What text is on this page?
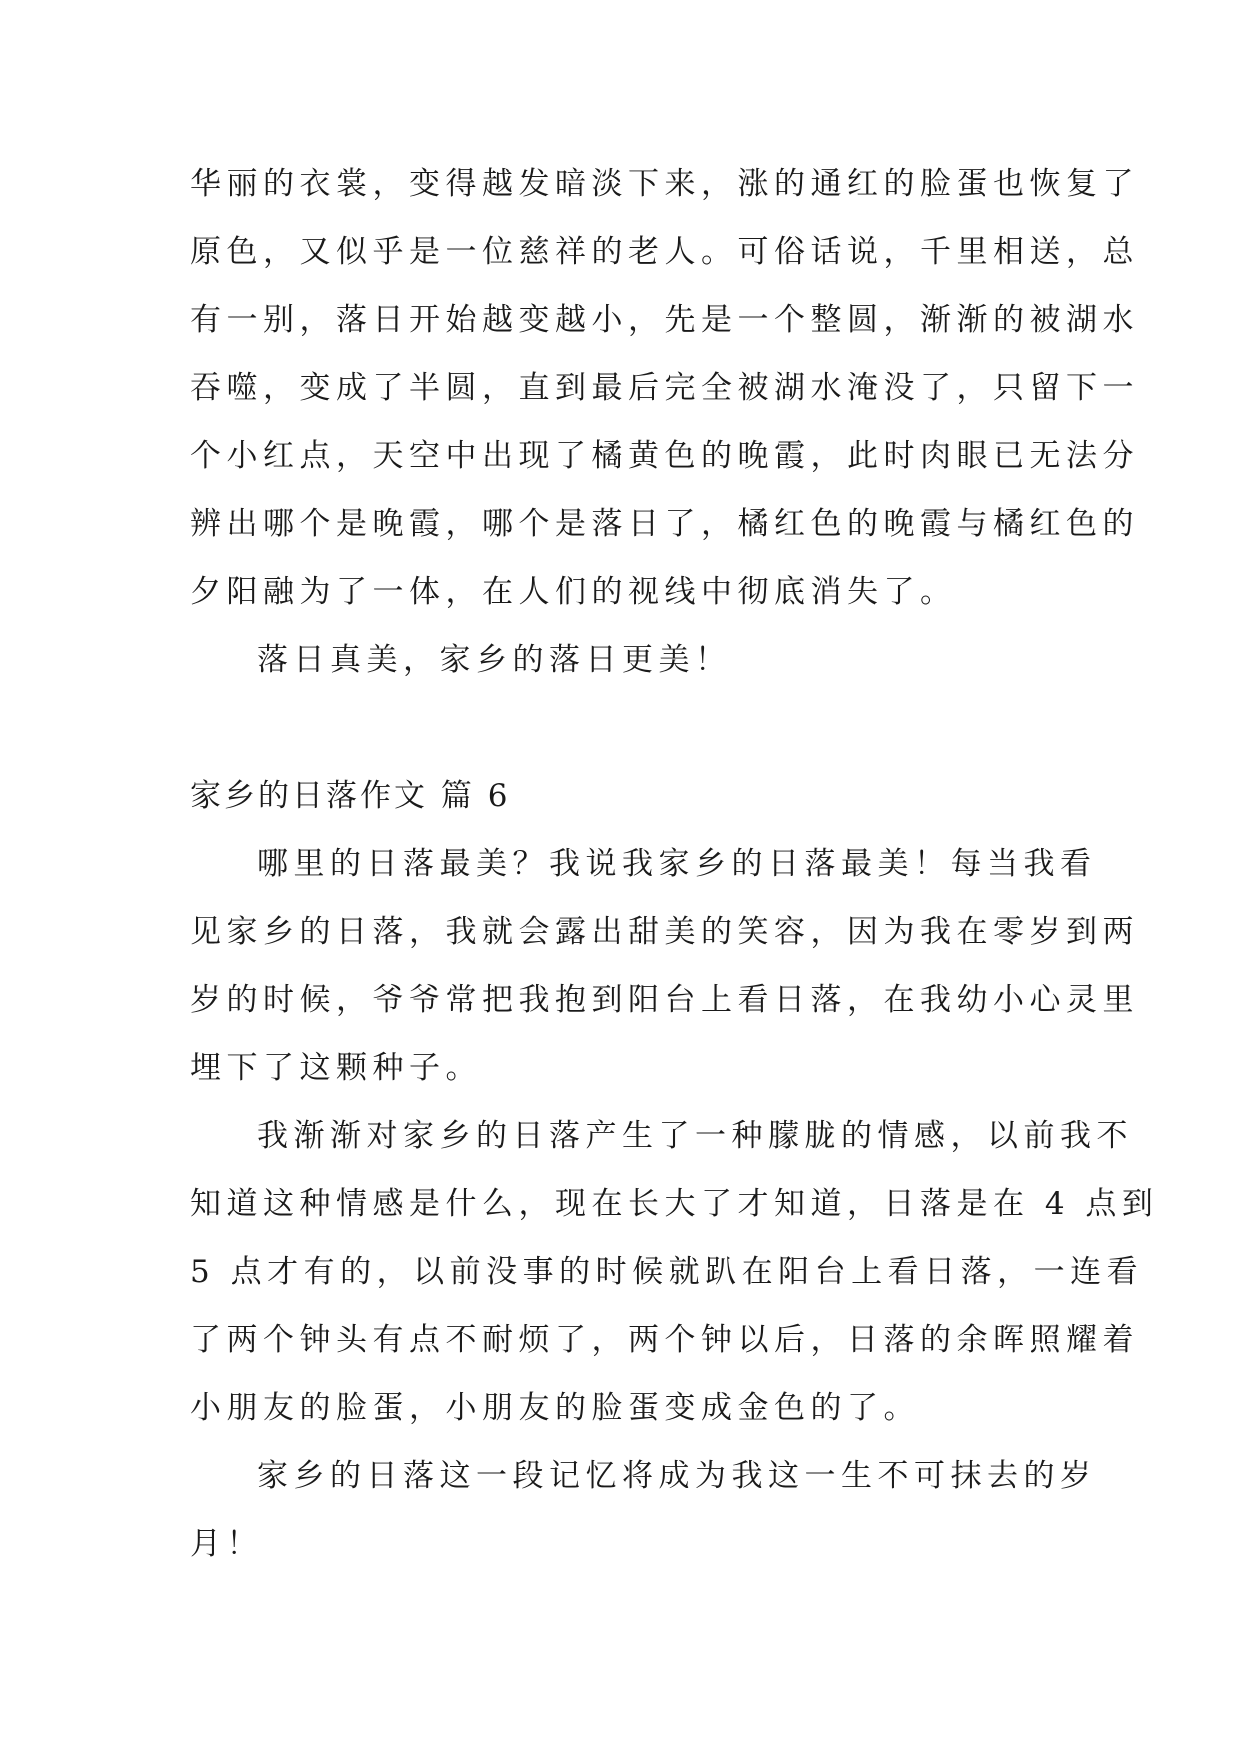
华丽的衣裳，变得越发暗淡下来，涨的通红的脸蛋也恢复了
原色，又似乎是一位慈祥的老人。可俗话说，千里相送，总
有一别，落日开始越变越小，先是一个整圆，渐渐的被湖水
吞噬，变成了半圆，直到最后完全被湖水淹没了，只留下一
个小红点，天空中出现了橘黄色的晚霞，此时肉眼已无法分
辨出哪个是晚霞，哪个是落日了，橘红色的晚霞与橘红色的
夕阳融为了一体，在人们的视线中彻底消失了。
落日真美，家乡的落日更美！
家乡的日落作文 篇 6
哪里的日落最美？我说我家乡的日落最美！每当我看
见家乡的日落，我就会露出甜美的笑容，因为我在零岁到两
岁的时候，爷爷常把我抱到阳台上看日落，在我幼小心灵里
埋下了这颗种子。
我渐渐对家乡的日落产生了一种朦胧的情感，以前我不
知道这种情感是什么，现在长大了才知道，日落是在 4 点到
5 点才有的，以前没事的时候就趴在阳台上看日落，一连看
了两个钟头有点不耐烦了，两个钟以后，日落的余晖照耀着
小朋友的脸蛋，小朋友的脸蛋变成金色的了。
家乡的日落这一段记忆将成为我这一生不可抹去的岁
月！
